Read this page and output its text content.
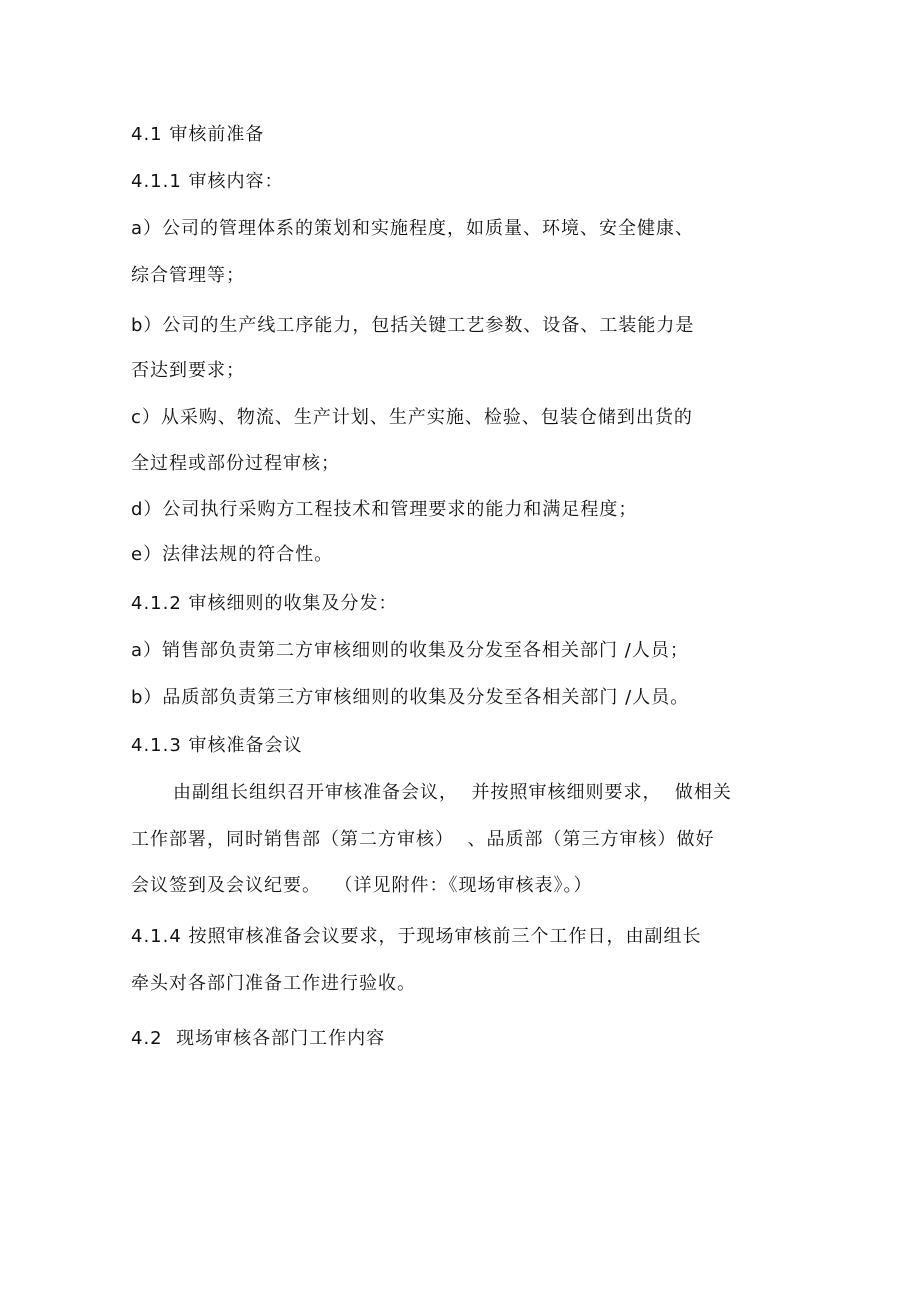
4.1 审核前准备
4.1.1 审核内容：
a）公司的管理体系的策划和实施程度，如质量、环境、安全健康、
综合管理等；
b）公司的生产线工序能力，包括关键工艺参数、设备、工装能力是
否达到要求；
c）从采购、物流、生产计划、生产实施、检验、包装仓储到出货的
全过程或部份过程审核；
d）公司执行采购方工程技术和管理要求的能力和满足程度；
e）法律法规的符合性。
4.1.2 审核细则的收集及分发：
a）销售部负责第二方审核细则的收集及分发至各相关部门 /人员；
b）品质部负责第三方审核细则的收集及分发至各相关部门 /人员。
4.1.3 审核准备会议
由副组长组织召开审核准备会议，  并按照审核细则要求，  做相关
工作部署，同时销售部（第二方审核）  、品质部（第三方审核）做好
会议签到及会议纪要。  （详见附件：《现场审核表》。）
4.1.4 按照审核准备会议要求，于现场审核前三个工作日，由副组长
牵头对各部门准备工作进行验收。
4.2  现场审核各部门工作内容
